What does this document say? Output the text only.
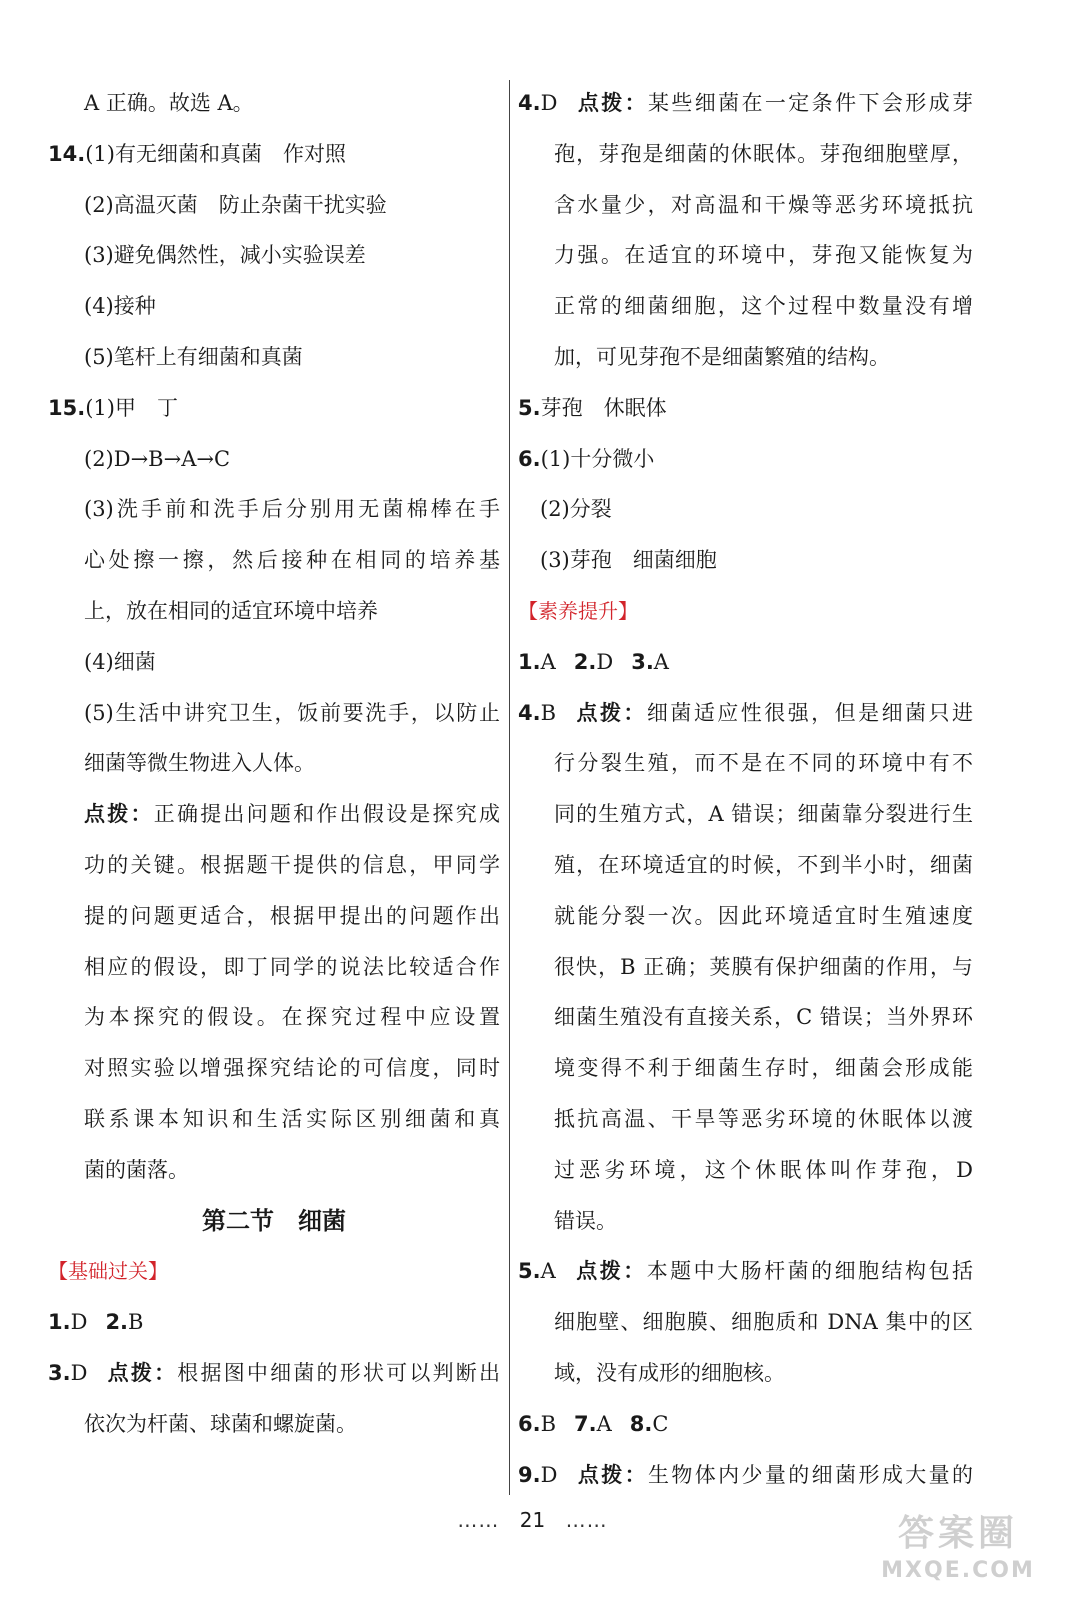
A 正确。故选 A。
14.(1)有无细菌和真菌　作对照
(2)高温灭菌　防止杂菌干扰实验
(3)避免偶然性，减小实验误差
(4)接种
(5)笔杆上有细菌和真菌
15.(1)甲　丁
(2)D→B→A→C
(3)洗手前和洗手后分别用无菌棉棒在手
心处擦一擦，然后接种在相同的培养基
上，放在相同的适宜环境中培养
(4)细菌
(5)生活中讲究卫生，饭前要洗手，以防止
细菌等微生物进入人体。
点拨：正确提出问题和作出假设是探究成
功的关键。根据题干提供的信息，甲同学
提的问题更适合，根据甲提出的问题作出
相应的假设，即丁同学的说法比较适合作
为本探究的假设。在探究过程中应设置
对照实验以增强探究结论的可信度，同时
联系课本知识和生活实际区别细菌和真
菌的菌落。
第二节　细菌
【基础过关】
1.D 2.B
3.D 点拨：根据图中细菌的形状可以判断出
依次为杆菌、球菌和螺旋菌。
4.D 点拨：某些细菌在一定条件下会形成芽
孢，芽孢是细菌的休眠体。芽孢细胞壁厚，
含水量少，对高温和干燥等恶劣环境抵抗
力强。在适宜的环境中，芽孢又能恢复为
正常的细菌细胞，这个过程中数量没有增
加，可见芽孢不是细菌繁殖的结构。
5.芽孢　休眠体
6.(1)十分微小
(2)分裂
(3)芽孢　细菌细胞
【素养提升】
1.A 2.D 3.A
4.B 点拨：细菌适应性很强，但是细菌只进
行分裂生殖，而不是在不同的环境中有不
同的生殖方式，A 错误；细菌靠分裂进行生
殖，在环境适宜的时候，不到半小时，细菌
就能分裂一次。因此环境适宜时生殖速度
很快，B 正确；荚膜有保护细菌的作用，与
细菌生殖没有直接关系，C 错误；当外界环
境变得不利于细菌生存时，细菌会形成能
抵抗高温、干旱等恶劣环境的休眠体以渡
过恶劣环境，这个休眠体叫作芽孢，D
错误。
5.A 点拨：本题中大肠杆菌的细胞结构包括
细胞壁、细胞膜、细胞质和 DNA 集中的区
域，没有成形的细胞核。
6.B 7.A 8.C
9.D 点拨：生物体内少量的细菌形成大量的
…… 21 ……	答案圈
MXQE.COM
